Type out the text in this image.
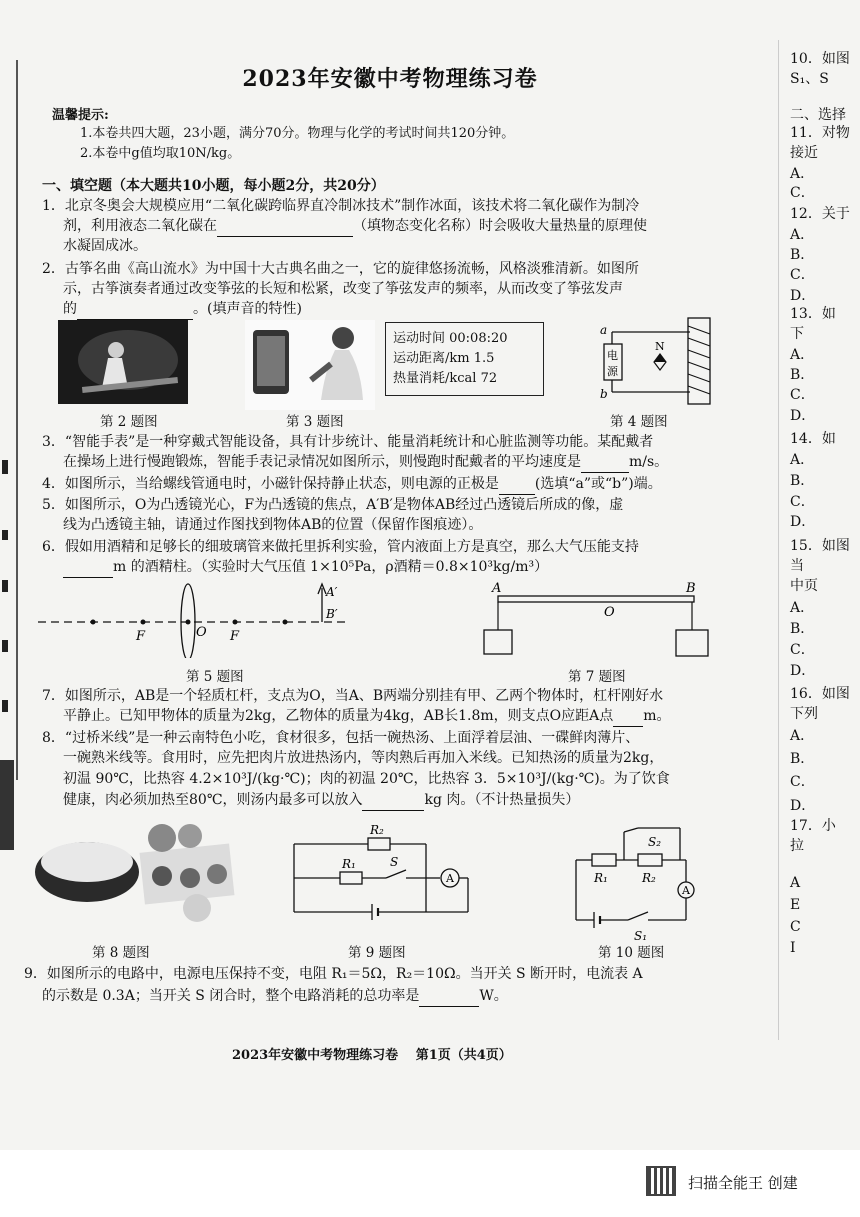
2023年安徽中考物理练习卷
温馨提示:
1.本卷共四大题，23小题，满分70分。物理与化学的考试时间共120分钟。
2.本卷中g值均取10N/kg。
一、填空题（本大题共10小题，每小题2分，共20分）
1．北京冬奥会大规模应用“二氧化碳跨临界直冷制冰技术”制作冰面，该技术将二氧化碳作为制冷
剂，利用液态二氧化碳在	（填物态变化名称）时会吸收大量热量的原理使
水凝固成冰。
2．古筝名曲《高山流水》为中国十大古典名曲之一，它的旋律悠扬流畅，风格淡雅清新。如图所
示，古筝演奏者通过改变筝弦的长短和松紧，改变了筝弦发声的频率，从而改变了筝弦发声
的	。(填声音的特性)
第 2 题图	第 3 题图
运动时间 00:08:20
运动距离/km 1.5
热量消耗/kcal 72
a
b
电
源
N
第 4 题图
3．“智能手表”是一种穿戴式智能设备，具有计步统计、能量消耗统计和心脏监测等功能。某配戴者
在操场上进行慢跑锻炼，智能手表记录情况如图所示，则慢跑时配戴者的平均速度是	m/s。
4．如图所示，当给螺线管通电时，小磁针保持静止状态，则电源的正极是	(选填“a”或“b”)端。
5．如图所示，O为凸透镜光心，F为凸透镜的焦点，A′B′是物体AB经过凸透镜后所成的像，虚
线为凸透镜主轴，请通过作图找到物体AB的位置（保留作图痕迹）。
6．假如用酒精和足够长的细玻璃管来做托里拆利实验，管内液面上方是真空，那么大气压能支持
m 的酒精柱。（实验时大气压值 1×10⁵Pa，ρ酒精＝0.8×10³kg/m³）
F	O F
A′
B′
第 5 题图
A	B
O
第 7 题图
7．如图所示，AB是一个轻质杠杆，支点为O，当A、B两端分别挂有甲、乙两个物体时，杠杆刚好水
平静止。已知甲物体的质量为2kg，乙物体的质量为4kg，AB长1.8m，则支点O应距A点 m。
8．“过桥米线”是一种云南特色小吃，食材很多，包括一碗热汤、上面浮着层油、一碟鲜肉薄片、
一碗熟米线等。食用时，应先把肉片放进热汤内，等肉熟后再加入米线。已知热汤的质量为2kg，
初温 90℃，比热容 4.2×10³J/(kg·℃)；肉的初温 20℃，比热容 3．5×10³J/(kg·℃)。为了饮食
健康，肉必须加热至80℃，则汤内最多可以放入	kg 肉。（不计热量损失）
第 8 题图
R₂
R₁	S
A
第 9 题图
S₂
R₁	R₂
A
S₁
第 10 题图
9．如图所示的电路中，电源电压保持不变，电阻 R₁＝5Ω，R₂＝10Ω。当开关 S 断开时，电流表 A
的示数是 0.3A；当开关 S 闭合时，整个电路消耗的总功率是	W。
2023年安徽中考物理练习卷　 第1页（共4页）
10．如图
S₁、S
二、选择
11．对物
接近
A．
C．
12．关于
A．
B．
C．
D．
13．如
下
A．
B．
C．
D．
14．如
A．
B．
C．
D．
15．如图
当
中页
A．
B．
C．
D．
16．如图
下列
A．
B．
C．
D．
17．小
拉
A
E
C
I
扫描全能王 创建
